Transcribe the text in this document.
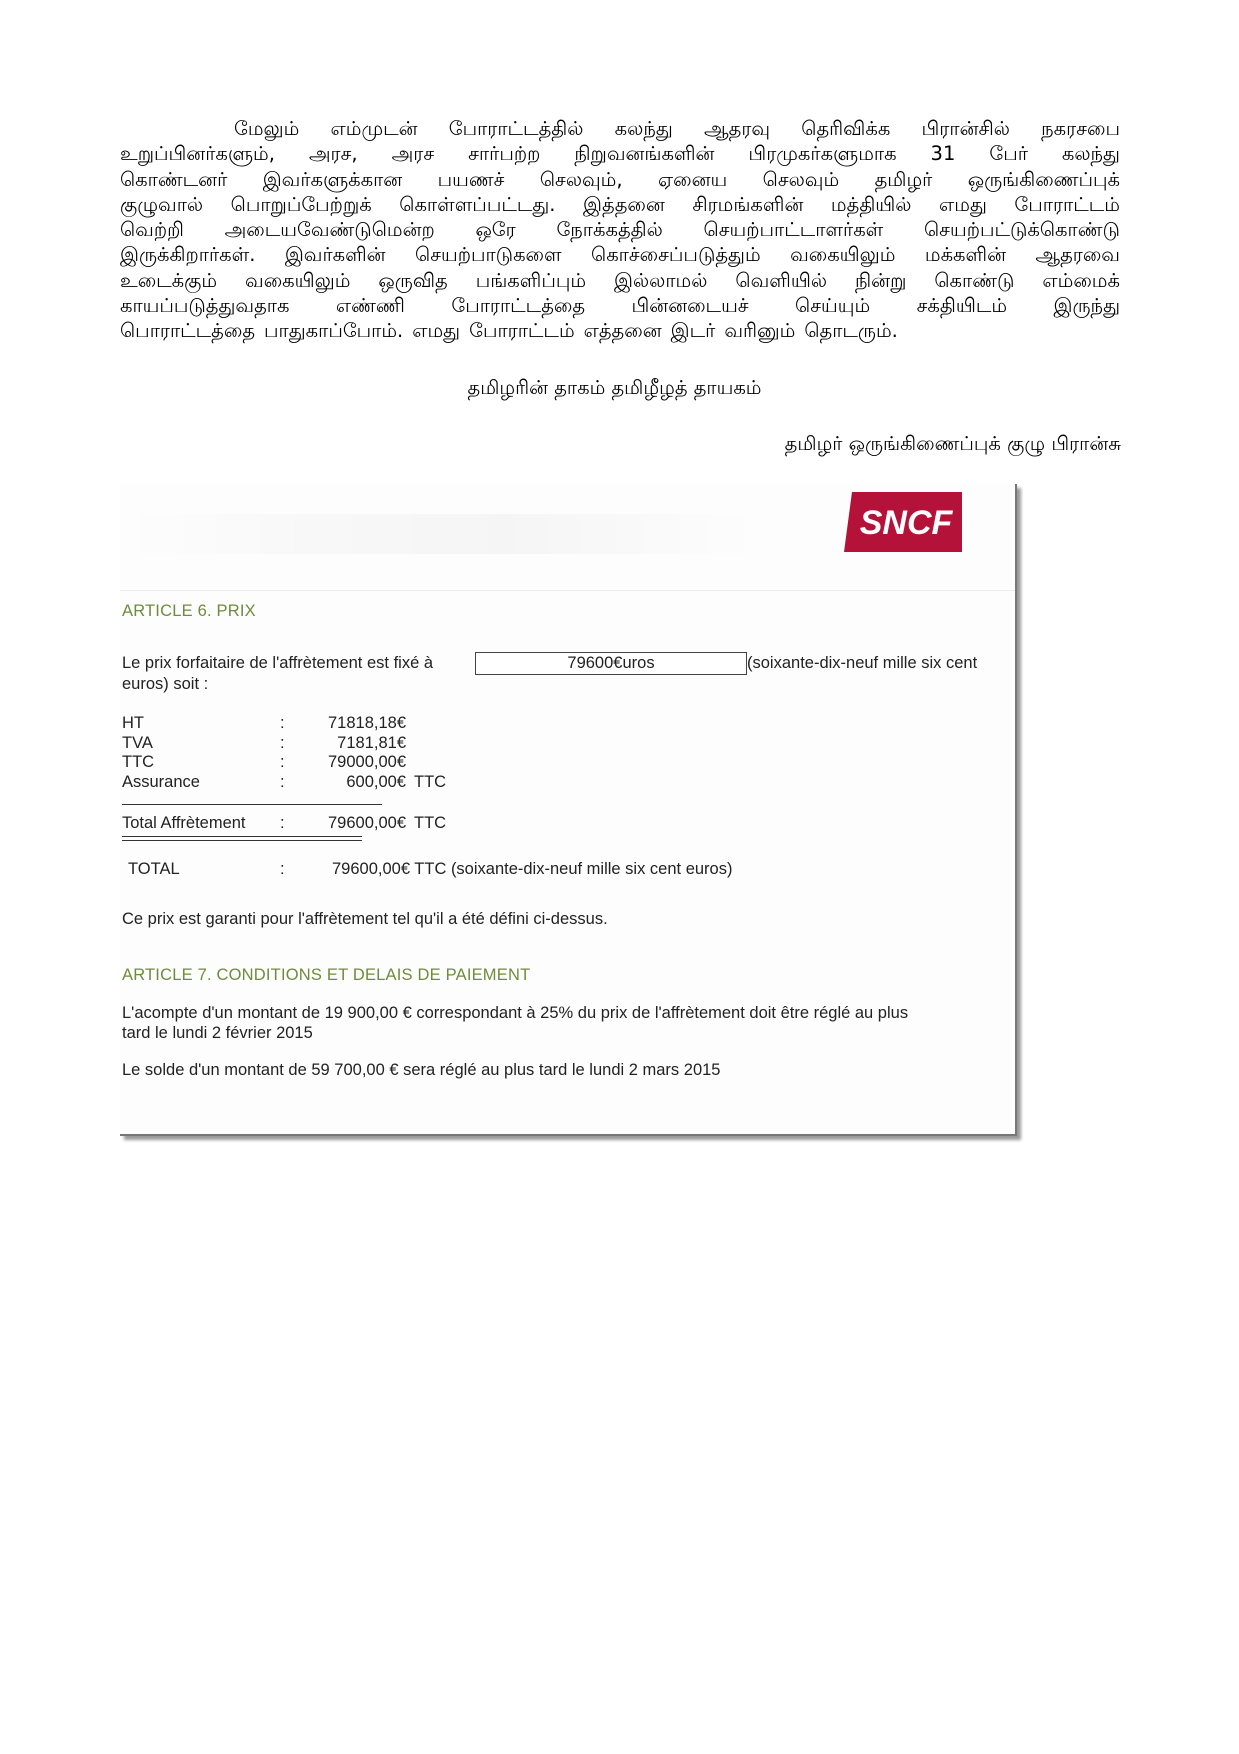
மேலும் எம்முடன் போராட்டத்தில் கலந்து ஆதரவு தெரிவிக்க பிரான்சில் நகரசபை
உறுப்பினர்களும், அரச, அரச சார்பற்ற நிறுவனங்களின் பிரமுகர்களுமாக 31 பேர் கலந்து
கொண்டனர் இவர்களுக்கான பயணச் செலவும், ஏனைய செலவும் தமிழர் ஒருங்கிணைப்புக்
குழுவால் பொறுப்பேற்றுக் கொள்ளப்பட்டது. இத்தனை சிரமங்களின் மத்தியில் எமது போராட்டம்
வெற்றி அடையவேண்டுமென்ற ஒரே நோக்கத்தில் செயற்பாட்டாளர்கள் செயற்பட்டுக்கொண்டு
இருக்கிறார்கள். இவர்களின் செயற்பாடுகளை கொச்சைப்படுத்தும் வகையிலும் மக்களின் ஆதரவை
உடைக்கும் வகையிலும் ஒருவித பங்களிப்பும் இல்லாமல் வெளியில் நின்று கொண்டு எம்மைக்
காயப்படுத்துவதாக எண்ணி போராட்டத்தை பின்னடையச் செய்யும் சக்தியிடம் இருந்து
பொராட்டத்தை பாதுகாப்போம். எமது போராட்டம் எத்தனை இடர் வரினும் தொடரும்.
தமிழரின் தாகம் தமிழீழத் தாயகம்
தமிழர் ஒருங்கிணைப்புக் குழு பிரான்சு
SNCF
ARTICLE 6. PRIX
Le prix forfaitaire de l'affrètement est fixé à	79600€uros	(soixante-dix-neuf mille six cent
euros) soit :
HT	:	71818,18€
TVA	:	7181,81€
TTC	:	79000,00€
Assurance	:	600,00€ TTC
Total Affrètement :	79600,00€ TTC
TOTAL	:	79600,00€ TTC (soixante-dix-neuf mille six cent euros)
Ce prix est garanti pour l'affrètement tel qu'il a été défini ci-dessus.
ARTICLE 7. CONDITIONS ET DELAIS DE PAIEMENT
L'acompte d'un montant de 19 900,00 € correspondant à 25% du prix de l'affrètement doit être réglé au plus
tard le lundi 2 février 2015
Le solde d'un montant de 59 700,00 € sera réglé au plus tard le lundi 2 mars 2015
